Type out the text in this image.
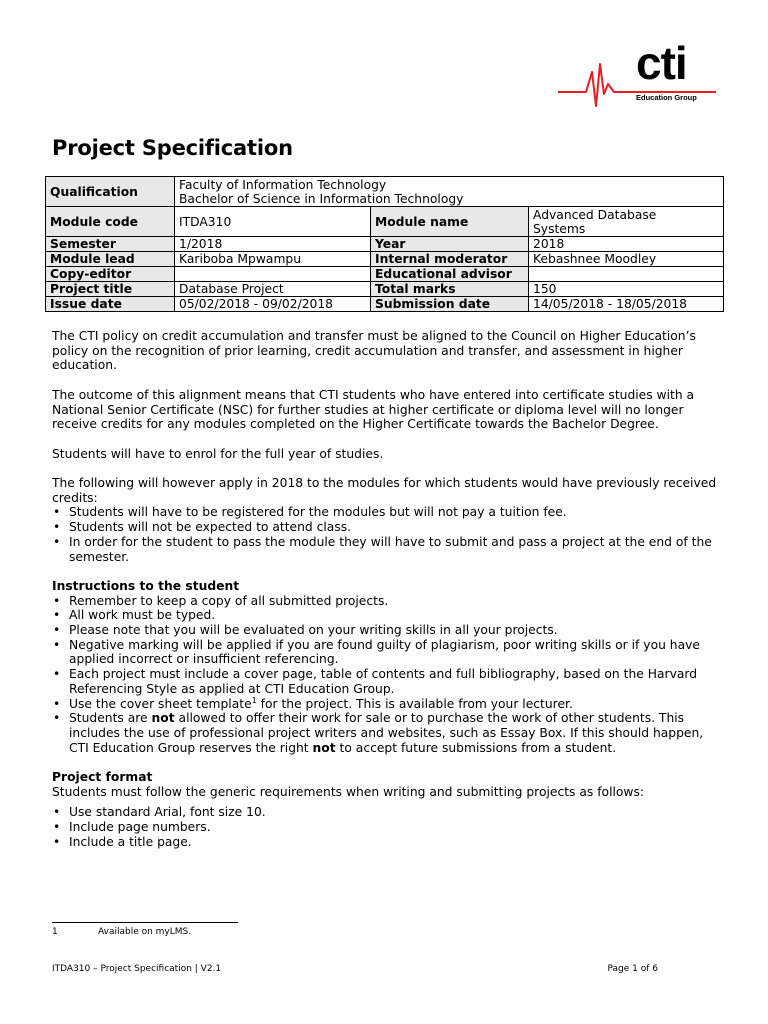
cti
Education Group
Project Specification
Qualification	Faculty of Information Technology
Bachelor of Science in Information Technology		
Module code	ITDA310	Module name	Advanced Database
Systems
Semester	1/2018	Year	2018
Module lead	Kariboba Mpwampu	Internal moderator	Kebashnee Moodley
Copy-editor		Educational advisor	
Project title	Database Project	Total marks	150
Issue date	05/02/2018 - 09/02/2018	Submission date	14/05/2018 - 18/05/2018

The CTI policy on credit accumulation and transfer must be aligned to the Council on Higher Education’s policy on the recognition of prior learning, credit accumulation and transfer, and assessment in higher education.

The outcome of this alignment means that CTI students who have entered into certificate studies with a National Senior Certificate (NSC) for further studies at higher certificate or diploma level will no longer receive credits for any modules completed on the Higher Certificate towards the Bachelor Degree.

Students will have to enrol for the full year of studies.

The following will however apply in 2018 to the modules for which students would have previously received credits:

• Students will have to be registered for the modules but will not pay a tuition fee.
• Students will not be expected to attend class.
• In order for the student to pass the module they will have to submit and pass a project at the end of the semester.
Instructions to the student
• Remember to keep a copy of all submitted projects.
• All work must be typed.
• Please note that you will be evaluated on your writing skills in all your projects.
• Negative marking will be applied if you are found guilty of plagiarism, poor writing skills or if you have applied incorrect or insufficient referencing.
• Each project must include a cover page, table of contents and full bibliography, based on the Harvard Referencing Style as applied at CTI Education Group.
• Use the cover sheet template$^1$ for the project. This is available from your lecturer.
• Students are not allowed to offer their work for sale or to purchase the work of other students. This includes the use of professional project writers and websites, such as Essay Box. If this should happen, CTI Education Group reserves the right not to accept future submissions from a student.
Project format

Students must follow the generic requirements when writing and submitting projects as follows:

• Use standard Arial, font size 10.
• Include page numbers.
• Include a title page.
1	Available on myLMS.
ITDA310 – Project Specification | V2.1	Page 1 of 6
